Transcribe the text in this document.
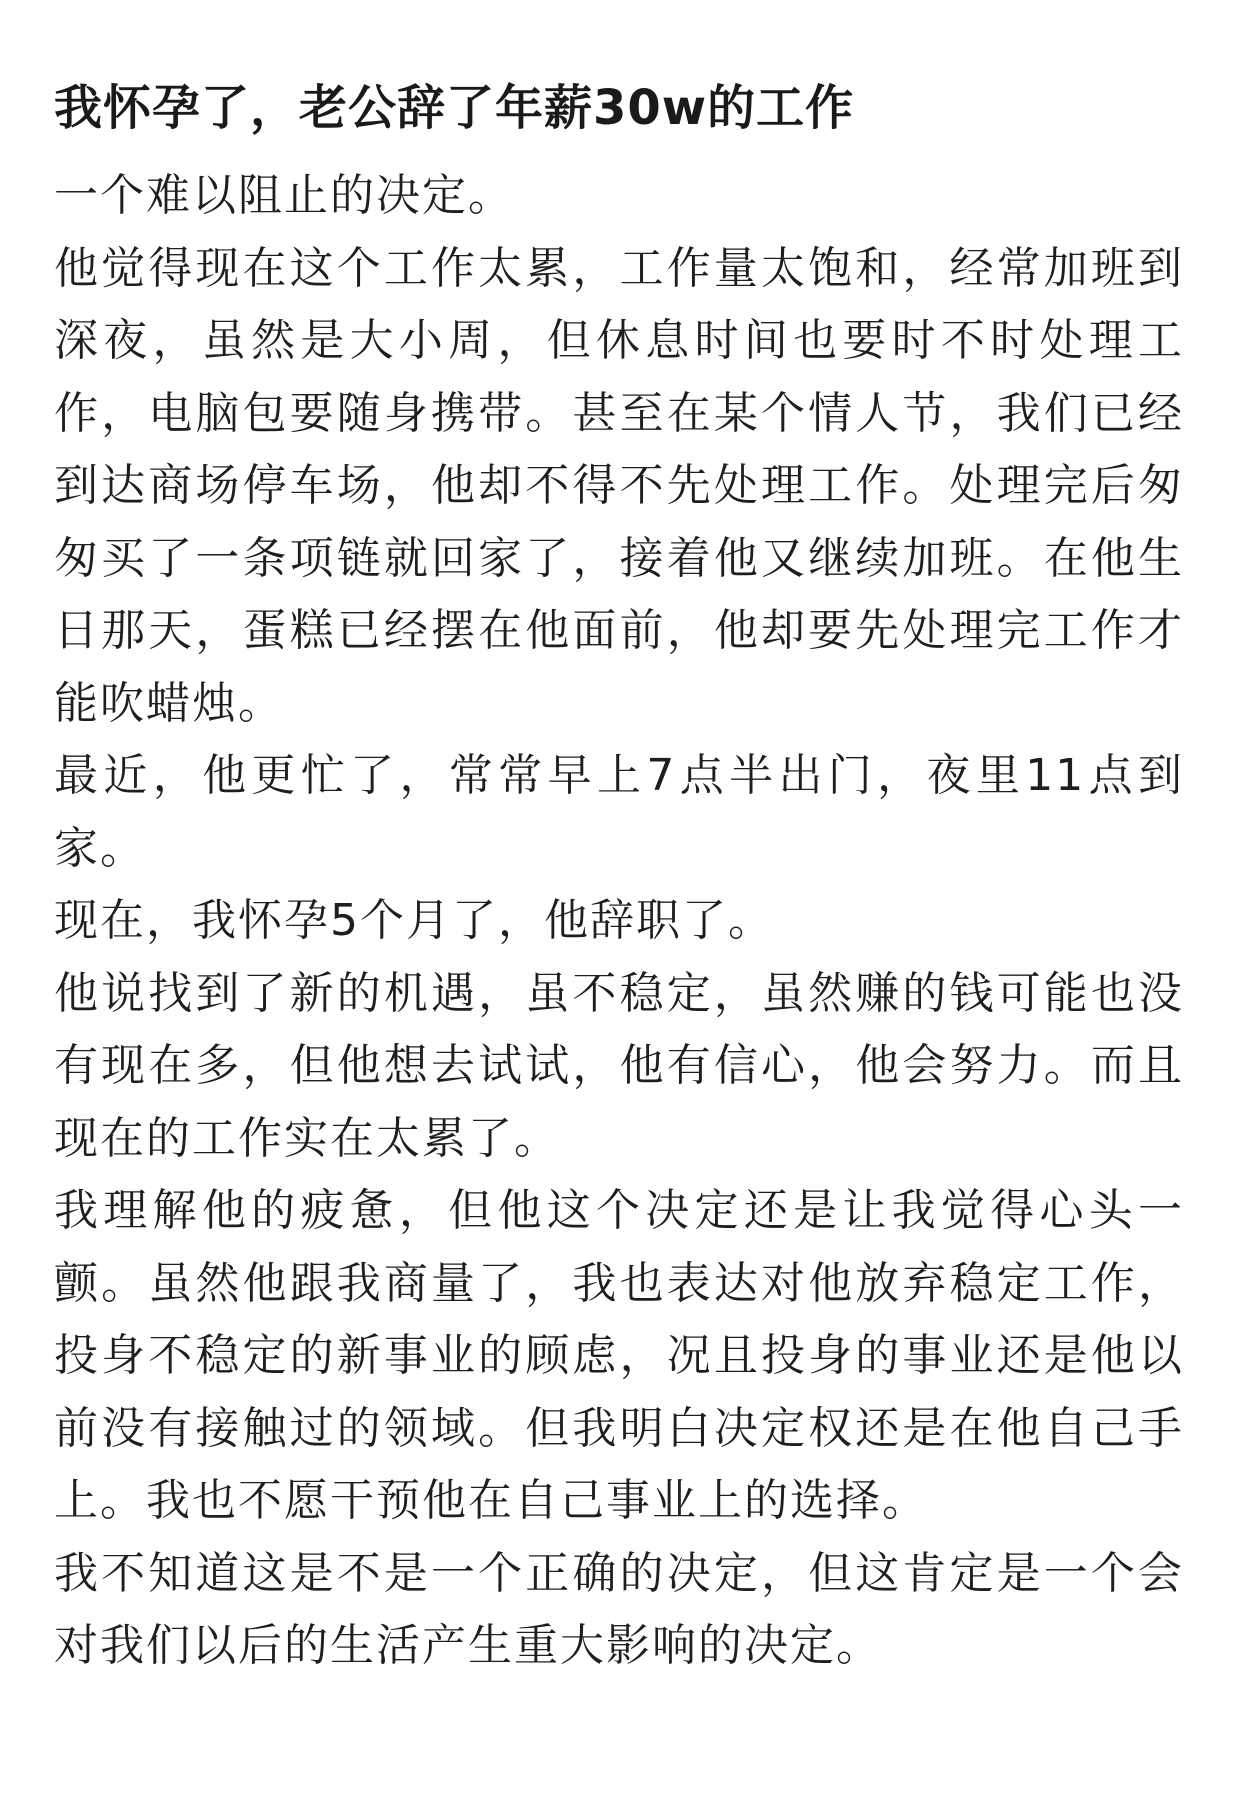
我怀孕了，老公辞了年薪30w的工作

一个难以阻止的决定。

他觉得现在这个工作太累，工作量太饱和，经常加班到深夜，虽然是大小周，但休息时间也要时不时处理工作，电脑包要随身携带。甚至在某个情人节，我们已经到达商场停车场，他却不得不先处理工作。处理完后匆匆买了一条项链就回家了，接着他又继续加班。在他生日那天，蛋糕已经摆在他面前，他却要先处理完工作才能吹蜡烛。

最近，他更忙了，常常早上7点半出门，夜里11点到家。

现在，我怀孕5个月了，他辞职了。

他说找到了新的机遇，虽不稳定，虽然赚的钱可能也没有现在多，但他想去试试，他有信心，他会努力。而且现在的工作实在太累了。

我理解他的疲惫，但他这个决定还是让我觉得心头一颤。虽然他跟我商量了，我也表达对他放弃稳定工作，投身不稳定的新事业的顾虑，况且投身的事业还是他以前没有接触过的领域。但我明白决定权还是在他自己手上。我也不愿干预他在自己事业上的选择。

我不知道这是不是一个正确的决定，但这肯定是一个会对我们以后的生活产生重大影响的决定。
